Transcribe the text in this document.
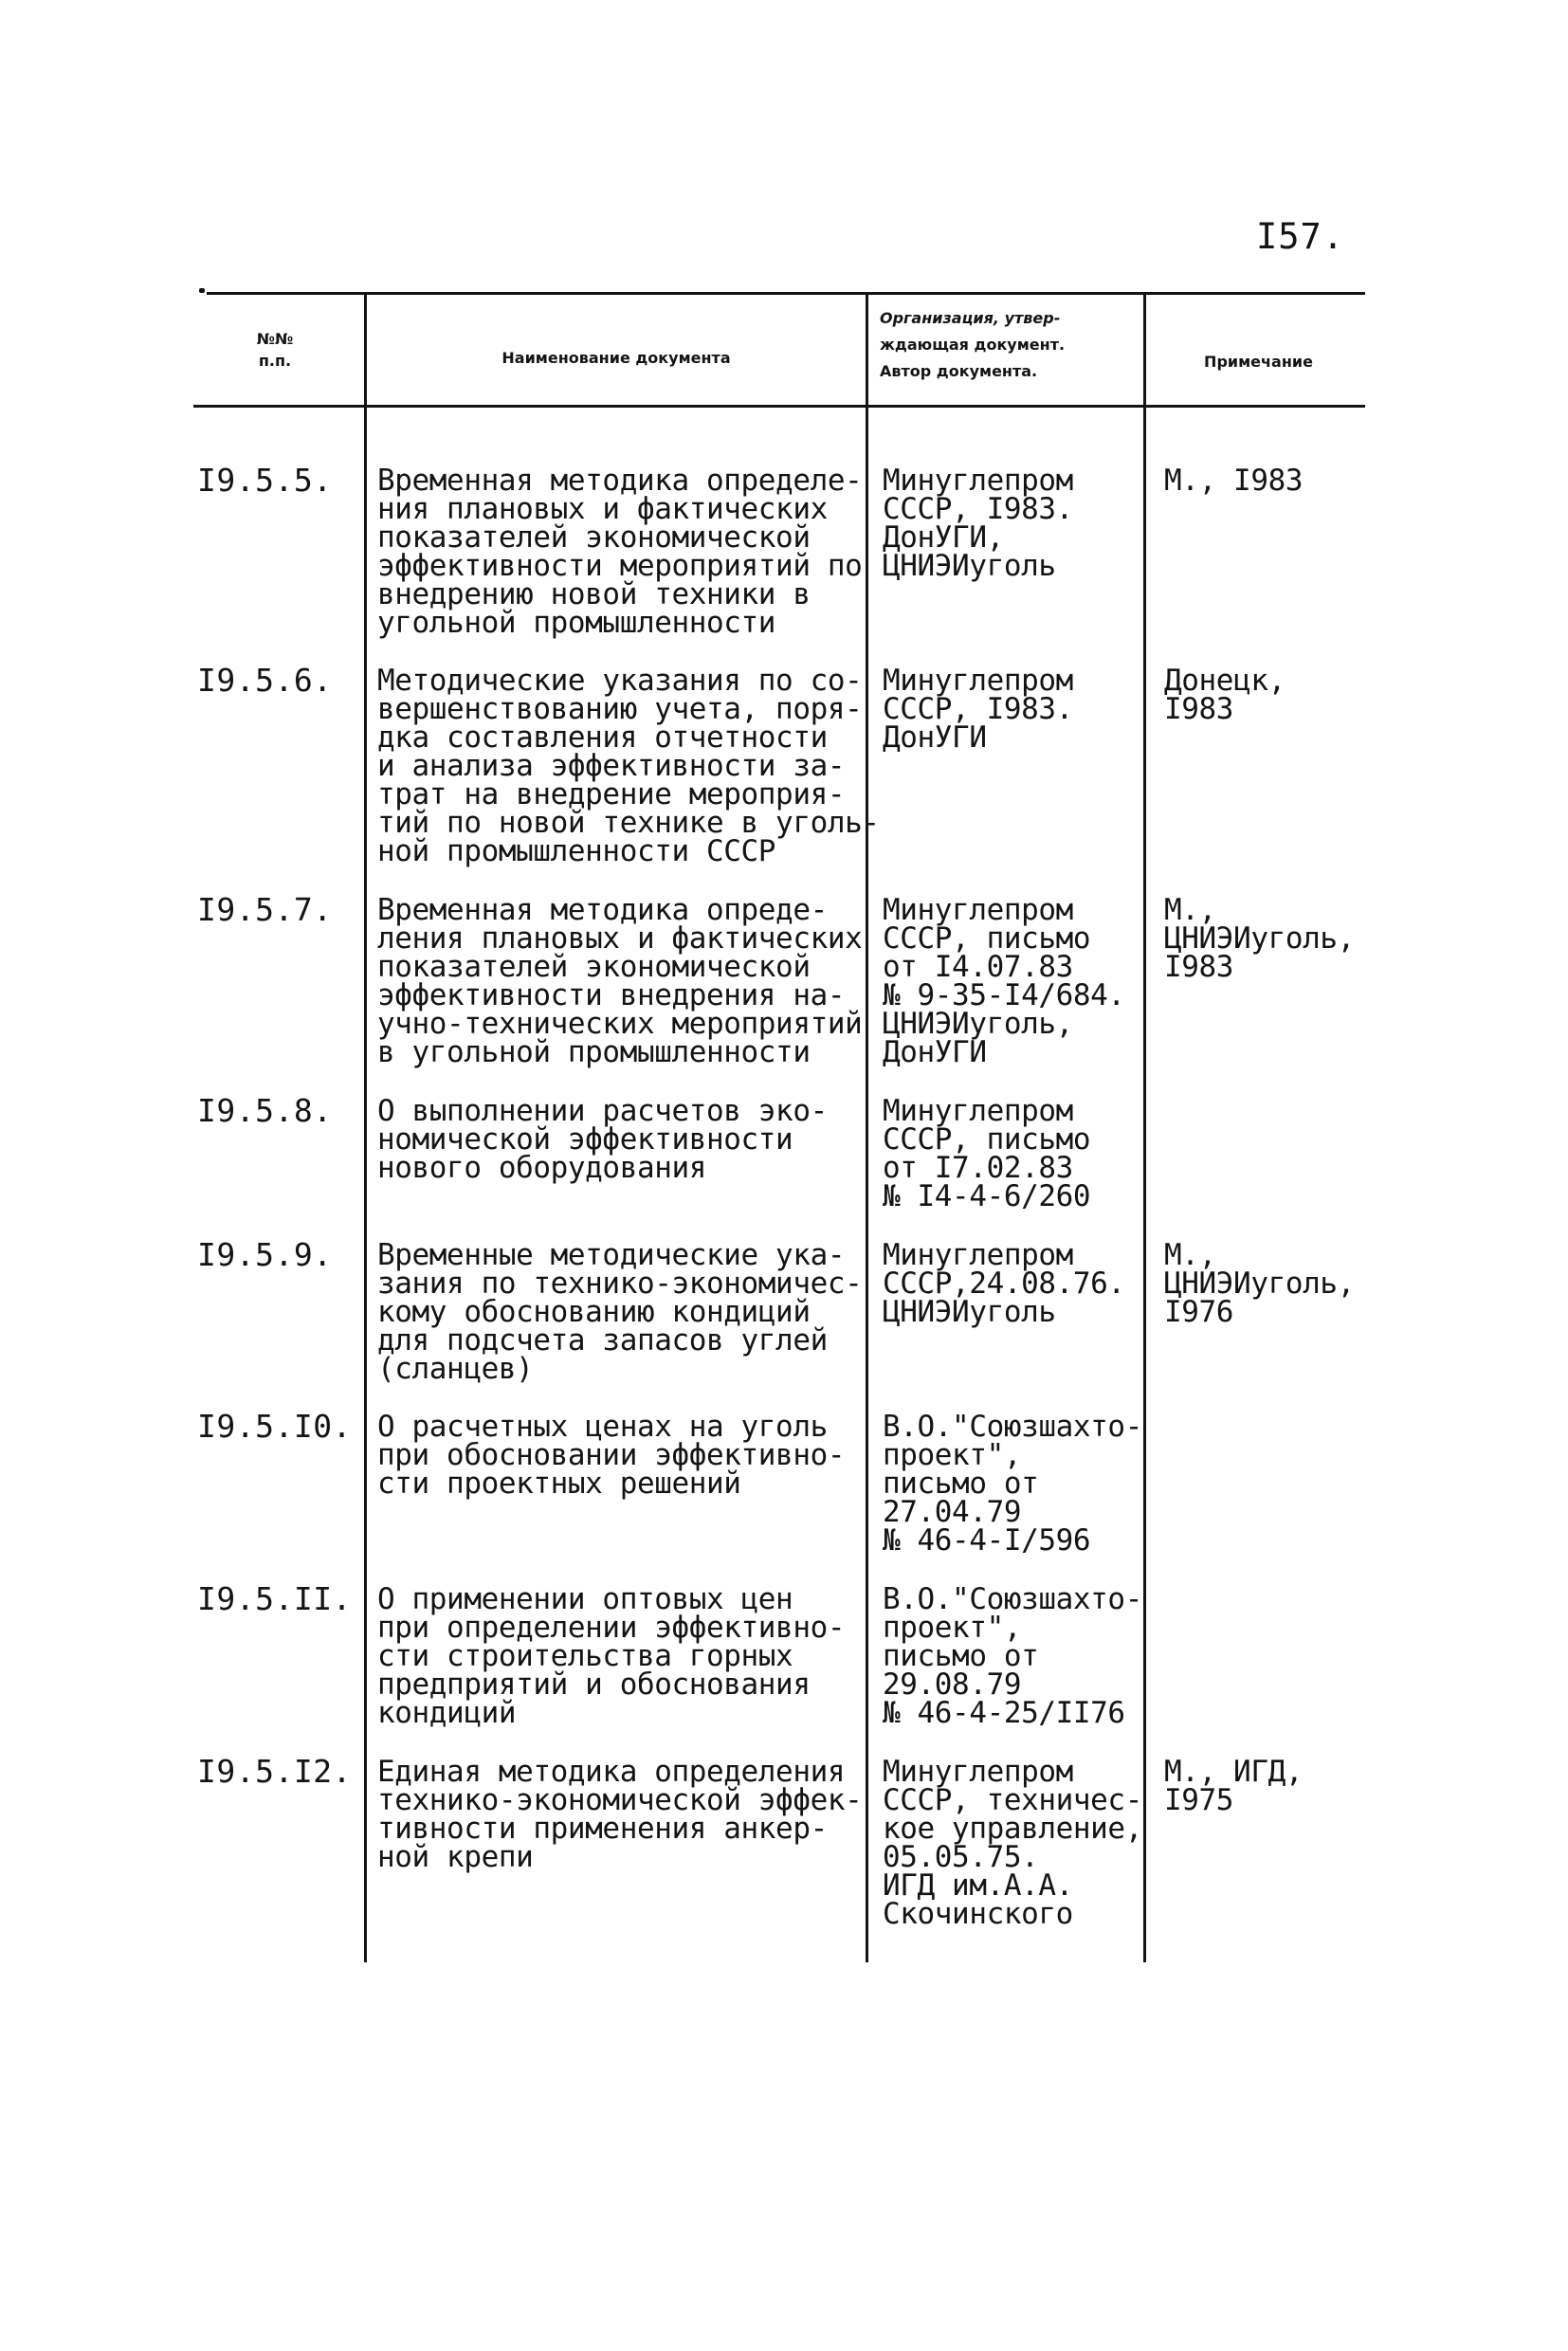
I57.
№№
п.п.	Наименование документа
Организация, утвер-
ждающая документ.
Автор документа.
Примечание
I9.5.5. Временная методика определе-
ния плановых и фактических
показателей экономической
эффективности мероприятий по
внедрению новой техники в
угольной промышленности
Минуглепром
СССР, I983.
ДонУГИ,
ЦНИЭИуголь
М., I983
I9.5.6. Методические указания по со-
вершенствованию учета, поря-
дка составления отчетности
и анализа эффективности за-
трат на внедрение мероприя-
тий по новой технике в уголь-
ной промышленности СССР
Минуглепром
СССР, I983.
ДонУГИ
Донецк,
I983
I9.5.7. Временная методика опреде-
ления плановых и фактических
показателей экономической
эффективности внедрения на-
учно-технических мероприятий
в угольной промышленности
Минуглепром
СССР, письмо
от I4.07.83
№ 9-35-I4/684.
ЦНИЭИуголь,
ДонУГИ
М.,
ЦНИЭИуголь,
I983
I9.5.8. О выполнении расчетов эко-
номической эффективности
нового оборудования
Минуглепром
СССР, письмо
от I7.02.83
№ I4-4-6/260
I9.5.9. Временные методические ука-
зания по технико-экономичес-
кому обоснованию кондиций
для подсчета запасов углей
(сланцев)
Минуглепром
СССР,24.08.76.
ЦНИЭИуголь
М.,
ЦНИЭИуголь,
I976
I9.5.I0. О расчетных ценах на уголь
при обосновании эффективно-
сти проектных решений
В.О."Союзшахто-
проект",
письмо от
27.04.79
№ 46-4-I/596
I9.5.II. О применении оптовых цен
при определении эффективно-
сти строительства горных
предприятий и обоснования
кондиций
В.О."Союзшахто-
проект",
письмо от
29.08.79
№ 46-4-25/II76
I9.5.I2. Единая методика определения
технико-экономической эффек-
тивности применения анкер-
ной крепи
Минуглепром
СССР, техничес-
кое управление,
05.05.75.
ИГД им.А.А.
Скочинского
М., ИГД,
I975
